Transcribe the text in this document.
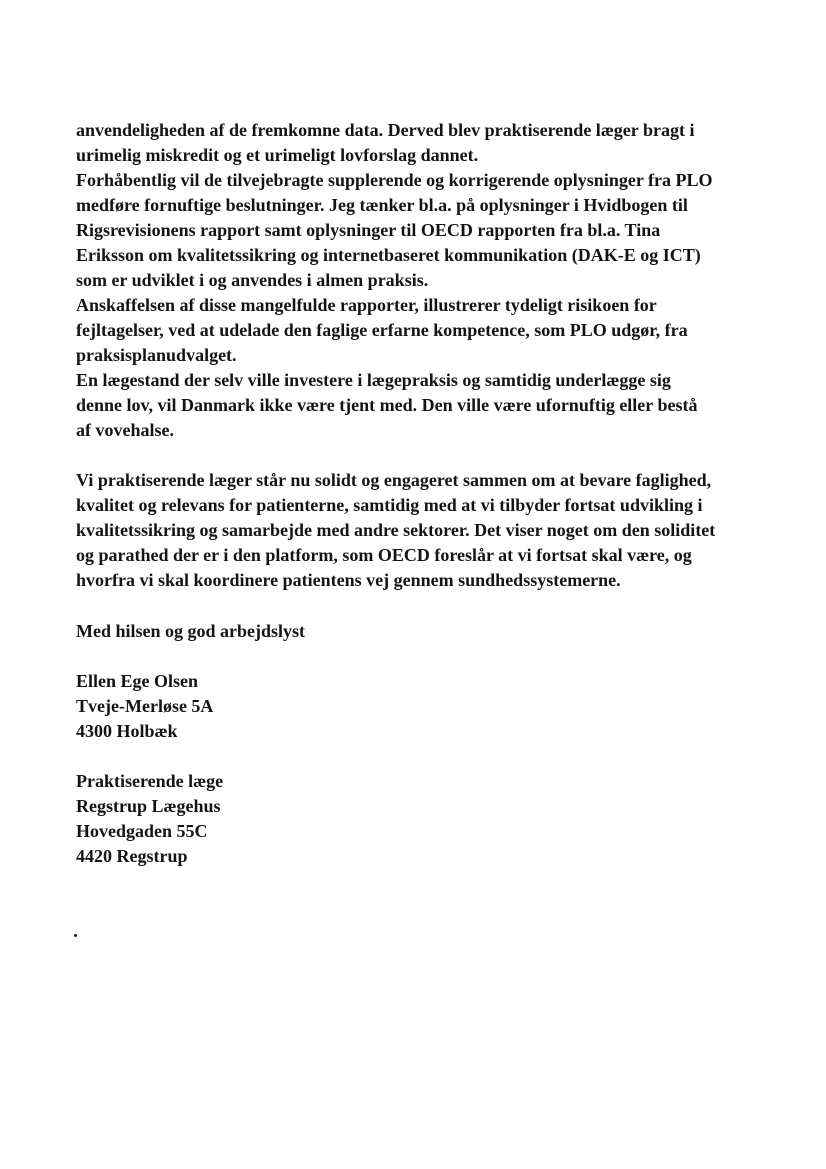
anvendeligheden af de fremkomne data. Derved blev praktiserende læger bragt i
urimelig miskredit og et urimeligt lovforslag dannet.
Forhåbentlig vil de tilvejebragte supplerende og korrigerende oplysninger fra PLO
medføre fornuftige beslutninger. Jeg tænker bl.a. på oplysninger i Hvidbogen til
Rigsrevisionens rapport samt oplysninger til OECD rapporten fra bl.a. Tina
Eriksson om kvalitetssikring og internetbaseret kommunikation (DAK-E og ICT)
som er udviklet i og anvendes i almen praksis.
Anskaffelsen af disse mangelfulde rapporter, illustrerer tydeligt risikoen for
fejltagelser, ved at udelade den faglige erfarne kompetence, som PLO udgør, fra
praksisplanudvalget.
En lægestand der selv ville investere i lægepraksis og samtidig underlægge sig
denne lov, vil Danmark ikke være tjent med. Den ville være ufornuftig eller bestå
af vovehalse.
Vi praktiserende læger står nu solidt og engageret sammen om at bevare faglighed,
kvalitet og relevans for patienterne, samtidig med at vi tilbyder fortsat udvikling i
kvalitetssikring og samarbejde med andre sektorer. Det viser noget om den soliditet
og parathed der er i den platform, som OECD foreslår at vi fortsat skal være, og
hvorfra vi skal koordinere patientens vej gennem sundhedssystemerne.
Med hilsen og god arbejdslyst
Ellen Ege Olsen
Tveje-Merløse 5A
4300 Holbæk
Praktiserende læge
Regstrup Lægehus
Hovedgaden 55C
4420 Regstrup
